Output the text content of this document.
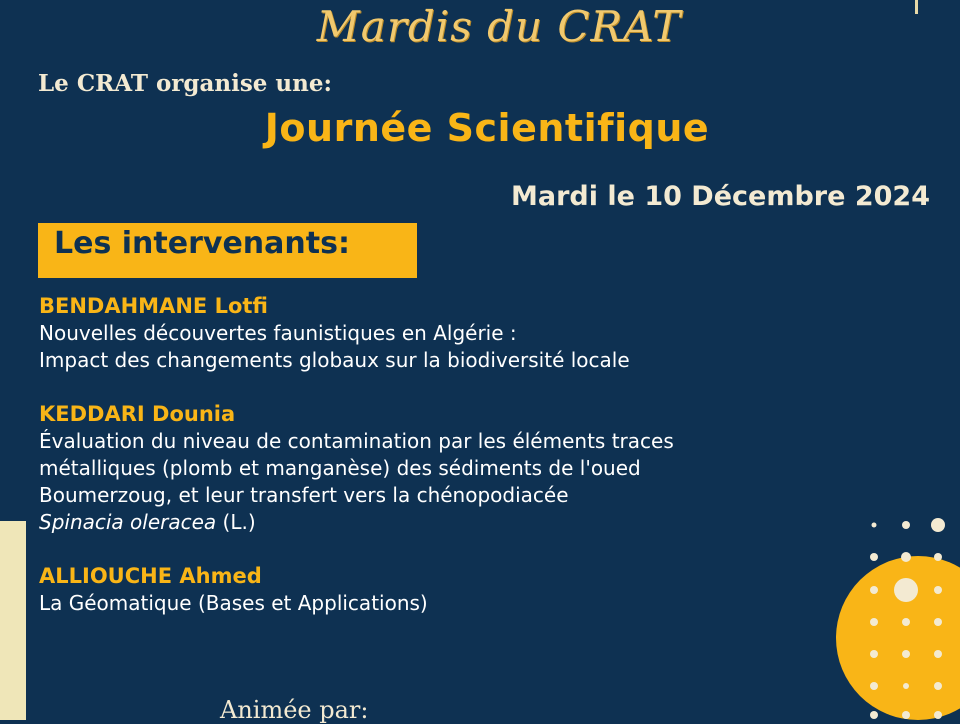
Mardis du CRAT
Le CRAT organise une:
Journée Scientifique
Mardi le 10 Décembre 2024
Les intervenants:
BENDAHMANE Lotfi
Nouvelles découvertes faunistiques en Algérie :
Impact des changements globaux sur la biodiversité locale
KEDDARI Dounia
Évaluation du niveau de contamination par les éléments traces
métalliques (plomb et manganèse) des sédiments de l'oued
Boumerzoug, et leur transfert vers la chénopodiacée
Spinacia oleracea (L.)
ALLIOUCHE Ahmed
La Géomatique (Bases et Applications)
Animée par:
